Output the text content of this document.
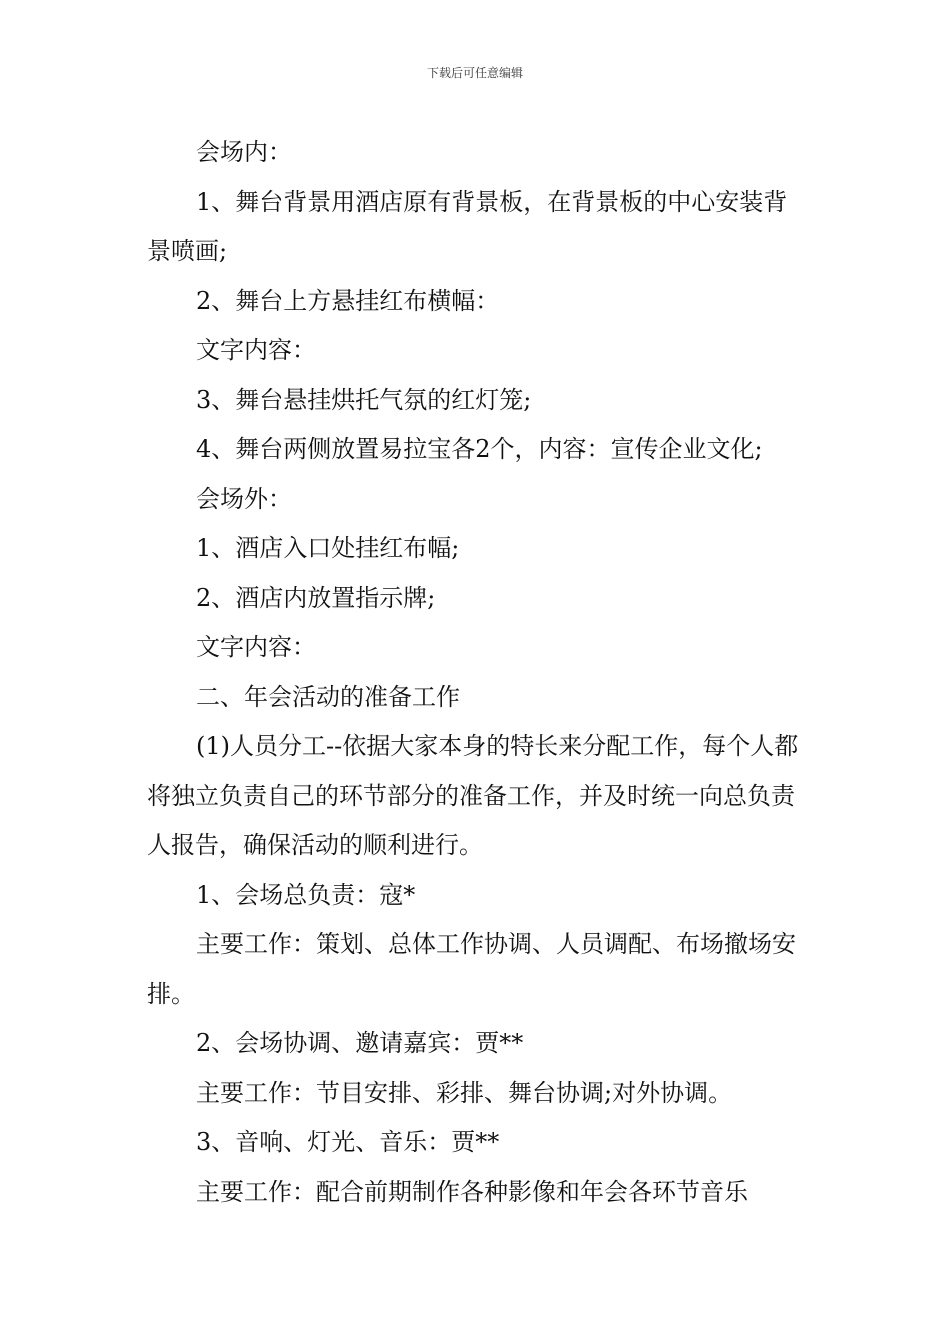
下载后可任意编辑

会场内：

1、舞台背景用酒店原有背景板，在背景板的中心安装背景喷画;

2、舞台上方悬挂红布横幅：

文字内容：

3、舞台悬挂烘托气氛的红灯笼;

4、舞台两侧放置易拉宝各2个，内容：宣传企业文化;

会场外：

1、酒店入口处挂红布幅;

2、酒店内放置指示牌;

文字内容：

二、年会活动的准备工作

(1)人员分工--依据大家本身的特长来分配工作，每个人都将独立负责自己的环节部分的准备工作，并及时统一向总负责人报告，确保活动的顺利进行。

1、会场总负责：寇*

主要工作：策划、总体工作协调、人员调配、布场撤场安排。

2、会场协调、邀请嘉宾：贾**

主要工作：节目安排、彩排、舞台协调;对外协调。

3、音响、灯光、音乐：贾**

主要工作：配合前期制作各种影像和年会各环节音乐
